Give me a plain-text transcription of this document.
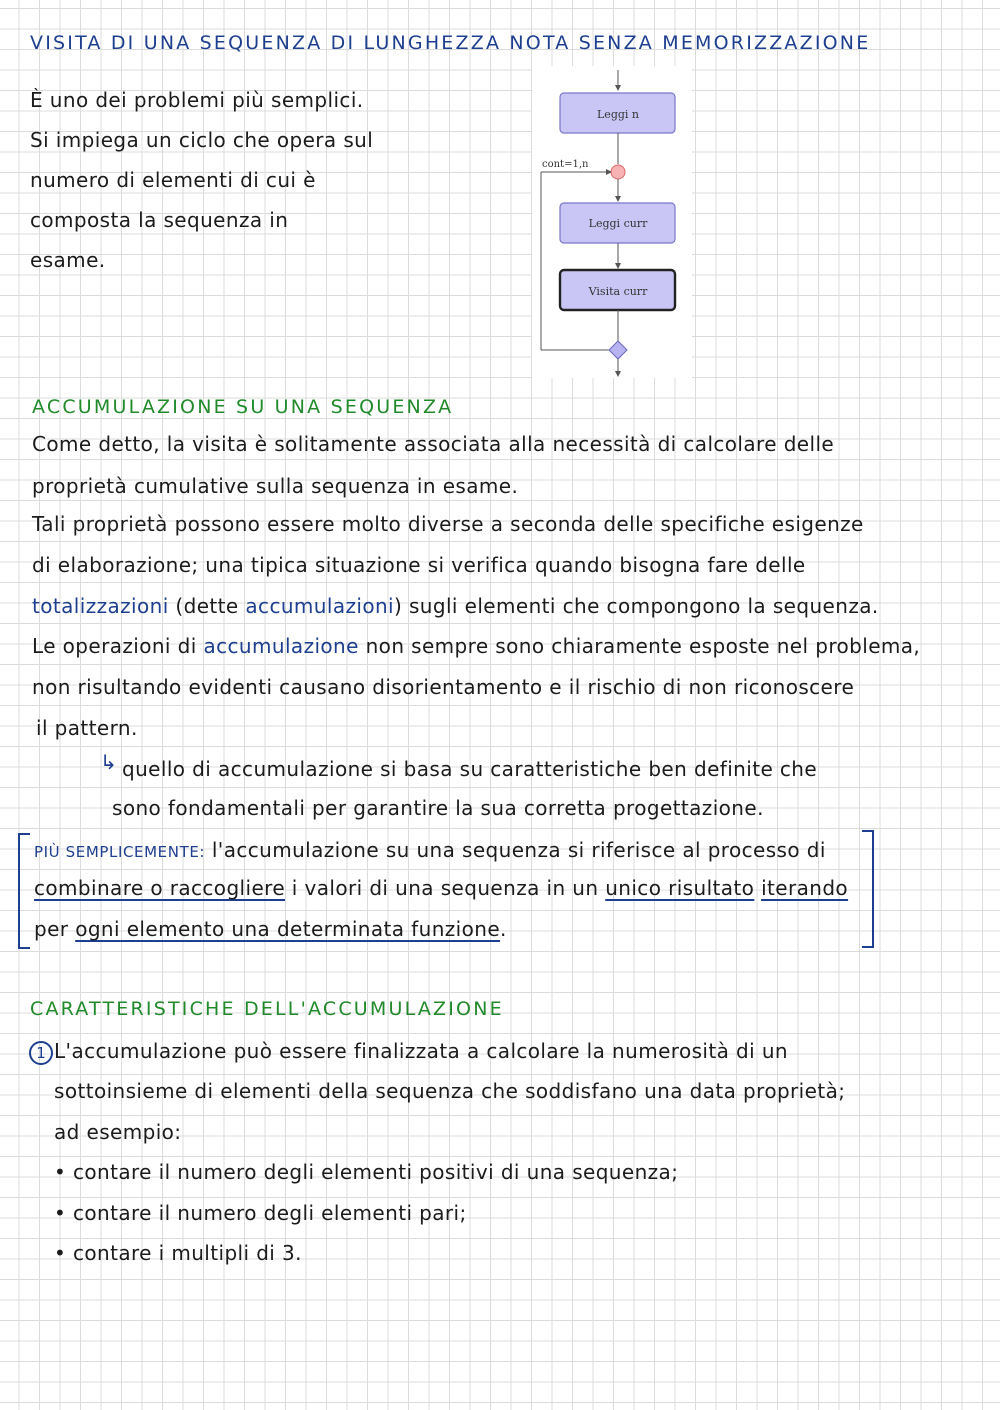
VISITA DI UNA SEQUENZA DI LUNGHEZZA NOTA SENZA MEMORIZZAZIONE
È uno dei problemi più semplici.
Si impiega un ciclo che opera sul
numero di elementi di cui è
composta la sequenza in
esame.
Leggi n
cont=1,n
Leggi curr
Visita curr
ACCUMULAZIONE SU UNA SEQUENZA
Come detto, la visita è solitamente associata alla necessità di calcolare delle
proprietà cumulative sulla sequenza in esame.
Tali proprietà possono essere molto diverse a seconda delle specifiche esigenze
di elaborazione; una tipica situazione si verifica quando bisogna fare delle
totalizzazioni (dette accumulazioni) sugli elementi che compongono la sequenza.
Le operazioni di accumulazione non sempre sono chiaramente esposte nel problema,
non risultando evidenti causano disorientamento e il rischio di non riconoscere
il pattern.
↳ quello di accumulazione si basa su caratteristiche ben definite che
sono fondamentali per garantire la sua corretta progettazione.
PIÙ SEMPLICEMENTE: l'accumulazione su una sequenza si riferisce al processo di
combinare o raccogliere i valori di una sequenza in un unico risultato iterando
per ogni elemento una determinata funzione.
CARATTERISTICHE DELL'ACCUMULAZIONE
1 L'accumulazione può essere finalizzata a calcolare la numerosità di un
sottoinsieme di elementi della sequenza che soddisfano una data proprietà;
ad esempio:
• contare il numero degli elementi positivi di una sequenza;
• contare il numero degli elementi pari;
• contare i multipli di 3.
